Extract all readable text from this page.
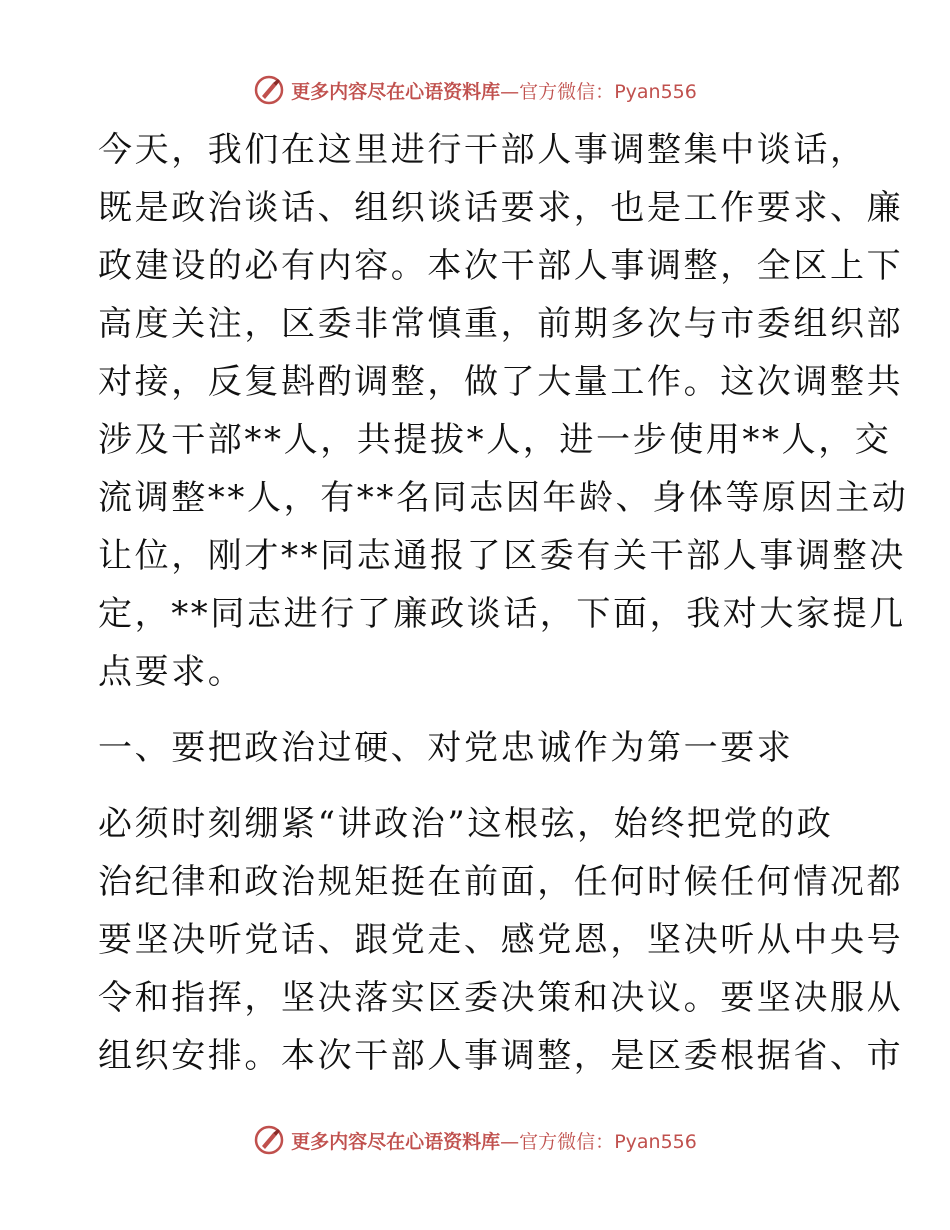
更多内容尽在心语资料库—官方微信：Pyan556
今天，我们在这里进行干部人事调整集中谈话，
既是政治谈话、组织谈话要求，也是工作要求、廉
政建设的必有内容。本次干部人事调整，全区上下
高度关注，区委非常慎重，前期多次与市委组织部
对接，反复斟酌调整，做了大量工作。这次调整共
涉及干部**人，共提拔*人，进一步使用**人，交
流调整**人，有**名同志因年龄、身体等原因主动
让位，刚才**同志通报了区委有关干部人事调整决
定，**同志进行了廉政谈话，下面，我对大家提几
点要求。
一、要把政治过硬、对党忠诚作为第一要求
必须时刻绷紧“讲政治”这根弦，始终把党的政
治纪律和政治规矩挺在前面，任何时候任何情况都
要坚决听党话、跟党走、感党恩，坚决听从中央号
令和指挥，坚决落实区委决策和决议。要坚决服从
组织安排。本次干部人事调整，是区委根据省、市
更多内容尽在心语资料库—官方微信：Pyan556
